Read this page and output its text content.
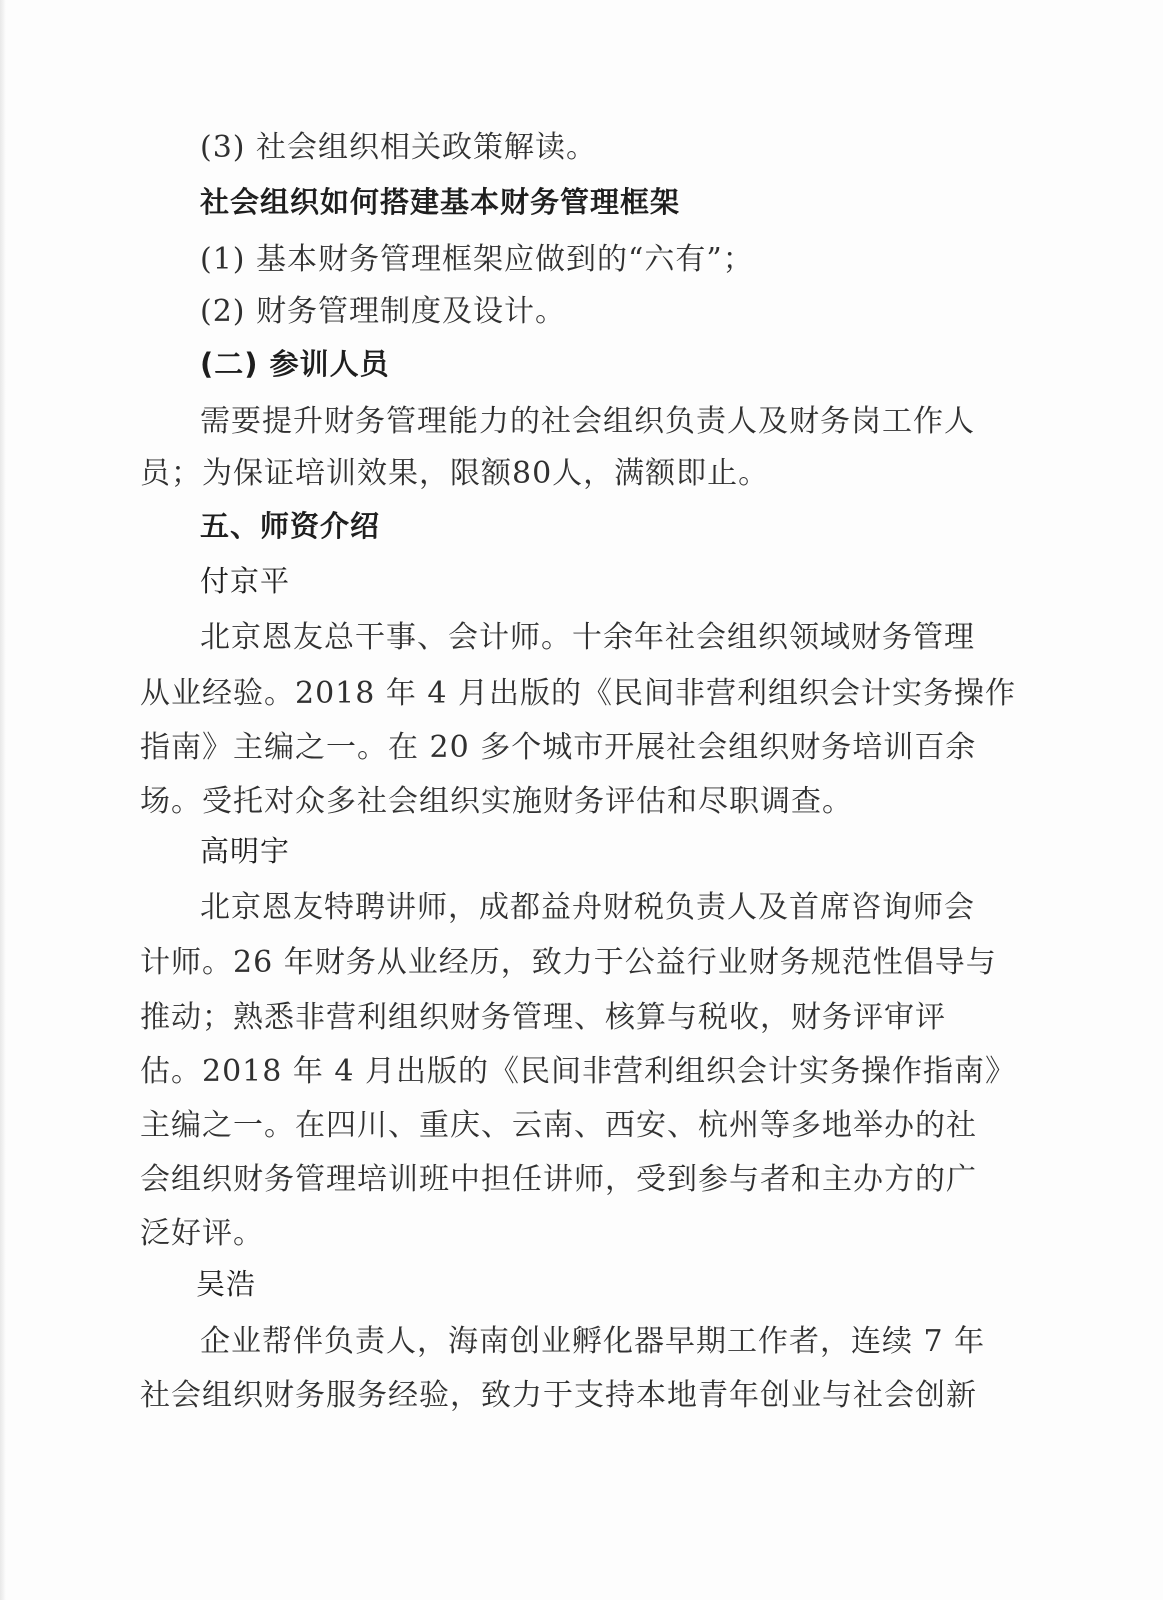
(3) 社会组织相关政策解读。
社会组织如何搭建基本财务管理框架
(1) 基本财务管理框架应做到的“六有”；
(2) 财务管理制度及设计。
(二) 参训人员
需要提升财务管理能力的社会组织负责人及财务岗工作人
员；为保证培训效果，限额80人，满额即止。
五、师资介绍
付京平
北京恩友总干事、会计师。十余年社会组织领域财务管理
从业经验。2018 年 4 月出版的《民间非营利组织会计实务操作
指南》主编之一。在 20 多个城市开展社会组织财务培训百余
场。受托对众多社会组织实施财务评估和尽职调查。
高明宇
北京恩友特聘讲师，成都益舟财税负责人及首席咨询师会
计师。26 年财务从业经历，致力于公益行业财务规范性倡导与
推动；熟悉非营利组织财务管理、核算与税收，财务评审评
估。2018 年 4 月出版的《民间非营利组织会计实务操作指南》
主编之一。在四川、重庆、云南、西安、杭州等多地举办的社
会组织财务管理培训班中担任讲师，受到参与者和主办方的广
泛好评。
吴浩
企业帮伴负责人，海南创业孵化器早期工作者，连续 7 年
社会组织财务服务经验，致力于支持本地青年创业与社会创新
